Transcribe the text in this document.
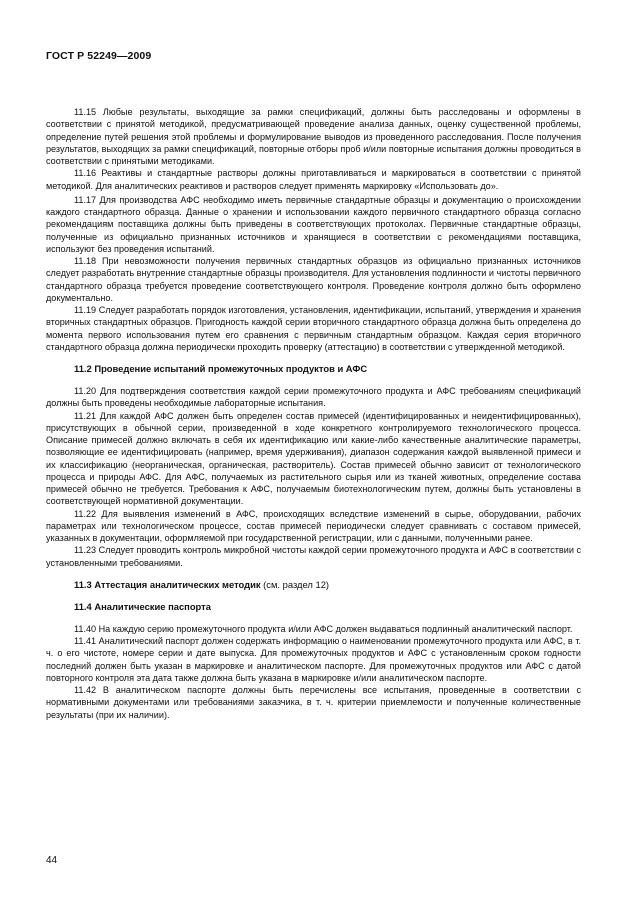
ГОСТ Р 52249—2009

11.15 Любые результаты, выходящие за рамки спецификаций, должны быть расследованы и оформлены в соответствии с принятой методикой, предусматривающей проведение анализа данных, оценку существенной проблемы, определение путей решения этой проблемы и формулирование выводов из проведенного расследования. После получения результатов, выходящих за рамки спецификаций, повторные отборы проб и/или повторные испытания должны проводиться в соответствии с принятыми методиками.

11.16 Реактивы и стандартные растворы должны приготавливаться и маркироваться в соответствии с принятой методикой. Для аналитических реактивов и растворов следует применять маркировку «Использовать до».

11.17 Для производства АФС необходимо иметь первичные стандартные образцы и документацию о происхождении каждого стандартного образца. Данные о хранении и использовании каждого первичного стандартного образца согласно рекомендациям поставщика должны быть приведены в соответствующих протоколах. Первичные стандартные образцы, полученные из официально признанных источников и хранящиеся в соответствии с рекомендациями поставщика, используют без проведения испытаний.

11.18 При невозможности получения первичных стандартных образцов из официально признанных источников следует разработать внутренние стандартные образцы производителя. Для установления подлинности и чистоты первичного стандартного образца требуется проведение соответствующего контроля. Проведение контроля должно быть оформлено документально.

11.19 Следует разработать порядок изготовления, установления, идентификации, испытаний, утверждения и хранения вторичных стандартных образцов. Пригодность каждой серии вторичного стандартного образца должна быть определена до момента первого использования путем его сравнения с первичным стандартным образцом. Каждая серия вторичного стандартного образца должна периодически проходить проверку (аттестацию) в соответствии с утвержденной методикой.

11.2 Проведение испытаний промежуточных продуктов и АФС

11.20 Для подтверждения соответствия каждой серии промежуточного продукта и АФС требованиям спецификаций должны быть проведены необходимые лабораторные испытания.

11.21 Для каждой АФС должен быть определен состав примесей (идентифицированных и неидентифицированных), присутствующих в обычной серии, произведенной в ходе конкретного контролируемого технологического процесса. Описание примесей должно включать в себя их идентификацию или какие-либо качественные аналитические параметры, позволяющие ее идентифицировать (например, время удерживания), диапазон содержания каждой выявленной примеси и их классификацию (неорганическая, органическая, растворитель). Состав примесей обычно зависит от технологического процесса и природы АФС. Для АФС, получаемых из растительного сырья или из тканей животных, определение состава примесей обычно не требуется. Требования к АФС, получаемым биотехнологическим путем, должны быть установлены в соответствующей нормативной документации.

11.22 Для выявления изменений в АФС, происходящих вследствие изменений в сырье, оборудовании, рабочих параметрах или технологическом процессе, состав примесей периодически следует сравнивать с составом примесей, указанных в документации, оформляемой при государственной регистрации, или с данными, полученными ранее.

11.23 Следует проводить контроль микробной чистоты каждой серии промежуточного продукта и АФС в соответствии с установленными требованиями.

11.3 Аттестация аналитических методик (см. раздел 12)
11.4 Аналитические паспорта

11.40 На каждую серию промежуточного продукта и/или АФС должен выдаваться подлинный аналитический паспорт.

11.41 Аналитический паспорт должен содержать информацию о наименовании промежуточного продукта или АФС, в т. ч. о его чистоте, номере серии и дате выпуска. Для промежуточных продуктов и АФС с установленным сроком годности последний должен быть указан в маркировке и аналитическом паспорте. Для промежуточных продуктов или АФС с датой повторного контроля эта дата также должна быть указана в маркировке и/или аналитическом паспорте.

11.42 В аналитическом паспорте должны быть перечислены все испытания, проведенные в соответствии с нормативными документами или требованиями заказчика, в т. ч. критерии приемлемости и полученные количественные результаты (при их наличии).

44
